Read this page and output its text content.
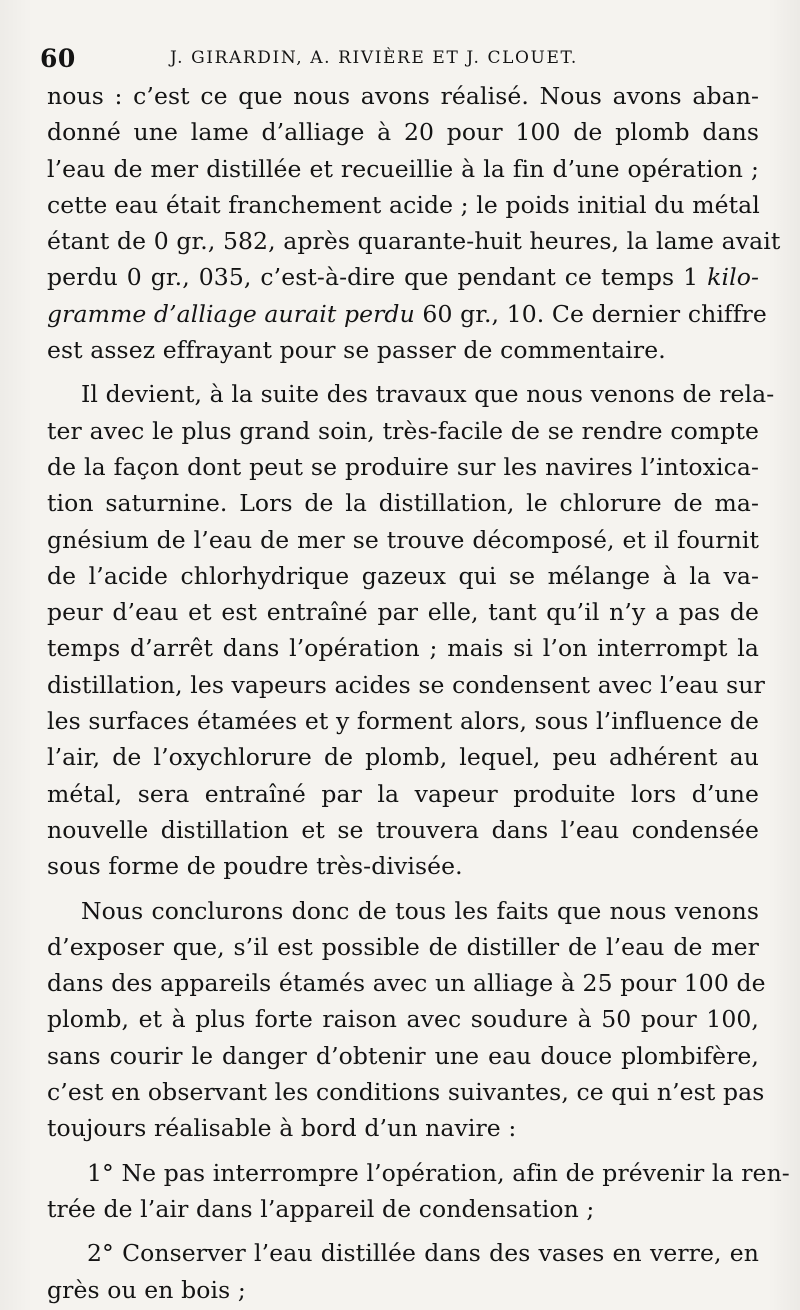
60	J. GIRARDIN, A. RIVIÈRE ET J. CLOUET.
nous : c’est ce que nous avons réalisé. Nous avons aban-
donné une lame d’alliage à 20 pour 100 de plomb dans
l’eau de mer distillée et recueillie à la fin d’une opération ;
cette eau était franchement acide ; le poids initial du métal
étant de 0 gr., 582, après quarante-huit heures, la lame avait
perdu 0 gr., 035, c’est-à-dire que pendant ce temps 1 kilo-
gramme d’alliage aurait perdu 60 gr., 10. Ce dernier chiffre
est assez effrayant pour se passer de commentaire.
Il devient, à la suite des travaux que nous venons de rela-
ter avec le plus grand soin, très-facile de se rendre compte
de la façon dont peut se produire sur les navires l’intoxica-
tion saturnine. Lors de la distillation, le chlorure de ma-
gnésium de l’eau de mer se trouve décomposé, et il fournit
de l’acide chlorhydrique gazeux qui se mélange à la va-
peur d’eau et est entraîné par elle, tant qu’il n’y a pas de
temps d’arrêt dans l’opération ; mais si l’on interrompt la
distillation, les vapeurs acides se condensent avec l’eau sur
les surfaces étamées et y forment alors, sous l’influence de
l’air, de l’oxychlorure de plomb, lequel, peu adhérent au
métal, sera entraîné par la vapeur produite lors d’une
nouvelle distillation et se trouvera dans l’eau condensée
sous forme de poudre très-divisée.
Nous conclurons donc de tous les faits que nous venons
d’exposer que, s’il est possible de distiller de l’eau de mer
dans des appareils étamés avec un alliage à 25 pour 100 de
plomb, et à plus forte raison avec soudure à 50 pour 100,
sans courir le danger d’obtenir une eau douce plombifère,
c’est en observant les conditions suivantes, ce qui n’est pas
toujours réalisable à bord d’un navire :
1° Ne pas interrompre l’opération, afin de prévenir la ren-
trée de l’air dans l’appareil de condensation ;
2° Conserver l’eau distillée dans des vases en verre, en
grès ou en bois ;
